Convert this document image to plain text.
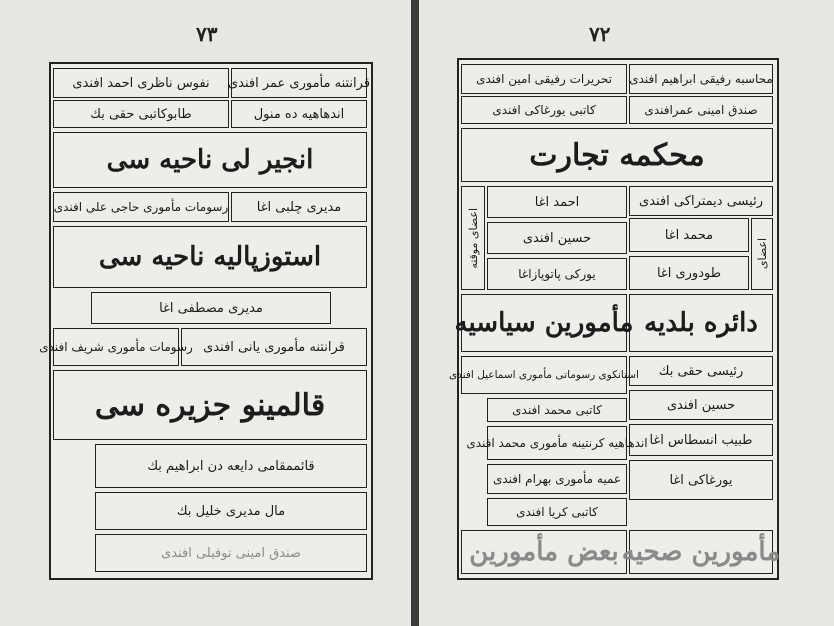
٧٣
قرانتنه مأمورى عمر افندى
نفوس ناظرى احمد افندى
اندهاهیه ده منول
طابوکاتبی حقی بك
انجیر لى ناحیه سى
مدیرى چلبى اغا
رسومات مأمورى حاجى على افندى
استوزپالیه ناحیه سى
مدیرى مصطفى اغا
قرانتنه مأمورى یانى افندى
رسومات مأمورى شریف افندى
قالمینو جزیره سى
قائممقامى دایعه دن ابراهیم بك
مال مدیرى خلیل بك
صندق امینى توفیلى افندى
٧٢
محاسبه رفیقى ابراهیم افندى
تحریرات رفیقى امین افندى
صندق امینى عمرافندى
کاتبی یورغاکى افندى
محکمه تجارت
رئیسى دیمتراکى افندى
اعضاى
محمد اغا
طودورى اغا
اعضاى موقته
احمد اغا
حسین افندى
یورکى پاتوپازاغا
دائره بلدیه
مأمورین سیاسیه
رئیسى حقى بك
حسین افندى
طبیب انسطاس اغا
یورغاکى اغا
استانکوى رسوماتی مأمورى اسماعیل افندى
کاتبی محمد افندى
اندهاهیه کرنتینه مأمورى محمد افندى
عمیه مأمورى بهرام افندى
کاتبی کریا افندى
بعض مأمورین مأمورین صحیه
